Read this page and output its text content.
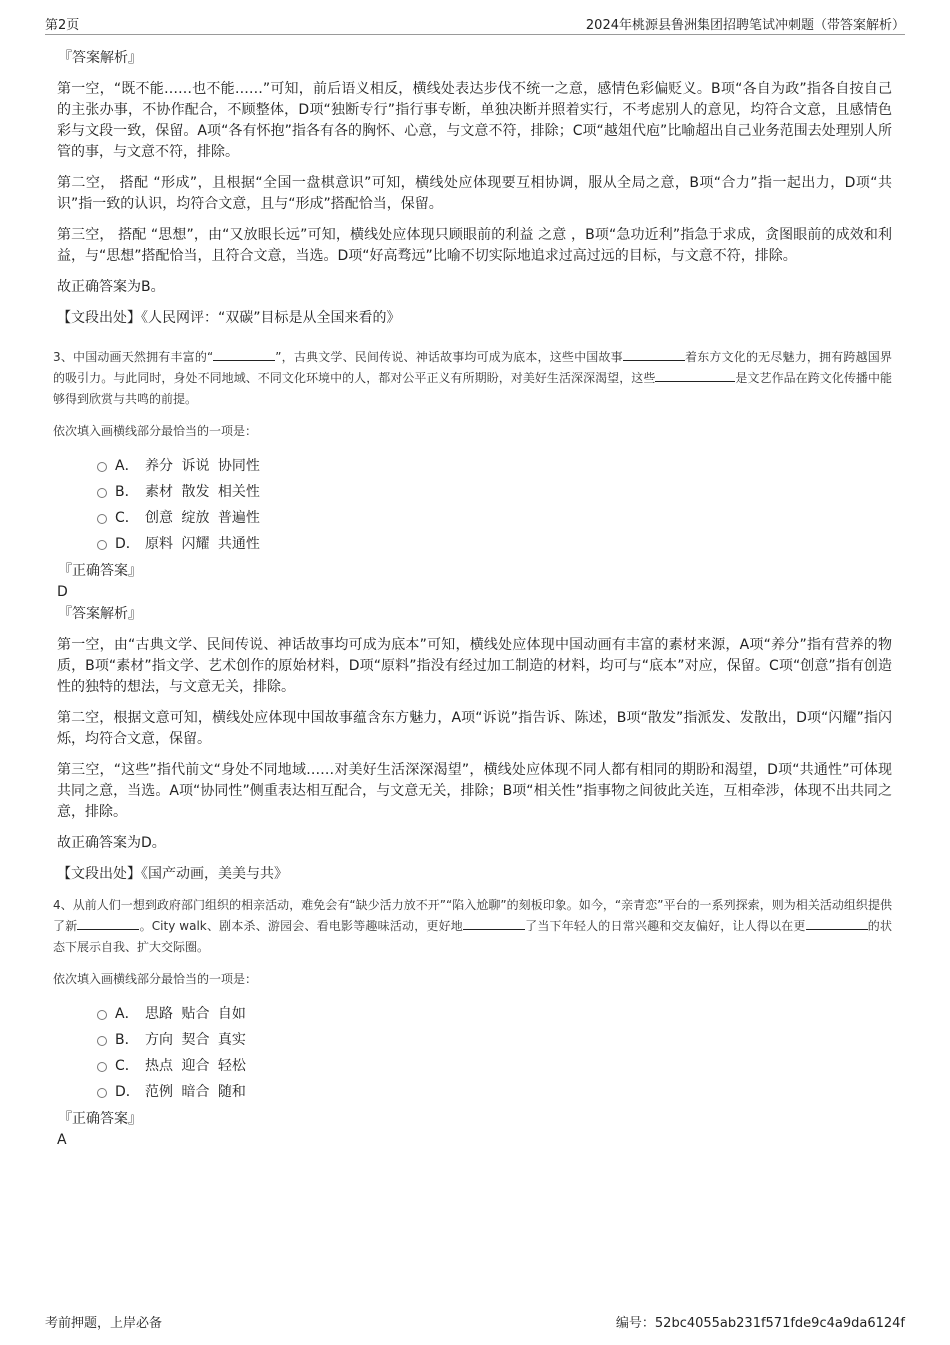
第2页	2024年桃源县鲁洲集团招聘笔试冲刺题（带答案解析）

『答案解析』

第一空，“既不能……也不能……”可知，前后语义相反，横线处表达步伐不统一之意，感情色彩偏贬义。B项“各自为政”指各自按自己的主张办事，不协作配合，不顾整体，D项“独断专行”指行事专断，单独决断并照着实行，不考虑别人的意见，均符合文意，且感情色彩与文段一致，保留。A项“各有怀抱”指各有各的胸怀、心意，与文意不符，排除；C项“越俎代庖”比喻超出自己业务范围去处理别人所管的事，与文意不符，排除。

第二空， 搭配 “形成”，且根据“全国一盘棋意识”可知，横线处应体现要互相协调，服从全局之意，B项“合力”指一起出力，D项“共识”指一致的认识，均符合文意，且与“形成”搭配恰当，保留。

第三空， 搭配 “思想”，由“又放眼长远”可知，横线处应体现只顾眼前的利益 之意 ，B项“急功近利”指急于求成，贪图眼前的成效和利益，与“思想”搭配恰当，且符合文意，当选。D项“好高骛远”比喻不切实际地追求过高过远的目标，与文意不符，排除。

故正确答案为B。

【文段出处】《人民网评：“双碳”目标是从全国来看的》

3、中国动画天然拥有丰富的“	”，古典文学、民间传说、神话故事均可成为底本，这些中国故事	着东方文化的无尽魅力，拥有跨越国界的吸引力。与此同时，身处不同地域、不同文化环境中的人，都对公平正义有所期盼，对美好生活深深渴望，这些	是文艺作品在跨文化传播中能够得到欣赏与共鸣的前提。

依次填入画横线部分最恰当的一项是：

A． 养分 诉说 协同性
B． 素材 散发 相关性
C． 创意 绽放 普遍性
D． 原料 闪耀 共通性

『正确答案』

D

『答案解析』

第一空，由“古典文学、民间传说、神话故事均可成为底本”可知，横线处应体现中国动画有丰富的素材来源，A项“养分”指有营养的物质，B项“素材”指文学、艺术创作的原始材料，D项“原料”指没有经过加工制造的材料，均可与“底本”对应，保留。C项“创意”指有创造性的独特的想法，与文意无关，排除。

第二空，根据文意可知，横线处应体现中国故事蕴含东方魅力，A项“诉说”指告诉、陈述，B项“散发”指派发、发散出，D项“闪耀”指闪烁，均符合文意，保留。

第三空，“这些”指代前文“身处不同地域……对美好生活深深渴望”，横线处应体现不同人都有相同的期盼和渴望，D项“共通性”可体现共同之意，当选。A项“协同性”侧重表达相互配合，与文意无关，排除；B项“相关性”指事物之间彼此关连，互相牵涉，体现不出共同之意，排除。

故正确答案为D。

【文段出处】《国产动画，美美与共》

4、从前人们一想到政府部门组织的相亲活动，难免会有“缺少活力放不开”“陷入尬聊”的刻板印象。如今，“亲青恋”平台的一系列探索，则为相关活动组织提供了新	。City walk、剧本杀、游园会、看电影等趣味活动，更好地	了当下年轻人的日常兴趣和交友偏好，让人得以在更	的状态下展示自我、扩大交际圈。

依次填入画横线部分最恰当的一项是：

A． 思路 贴合 自如
B． 方向 契合 真实
C． 热点 迎合 轻松
D． 范例 暗合 随和

『正确答案』

A

考前押题，上岸必备	编号：52bc4055ab231f571fde9c4a9da6124f
